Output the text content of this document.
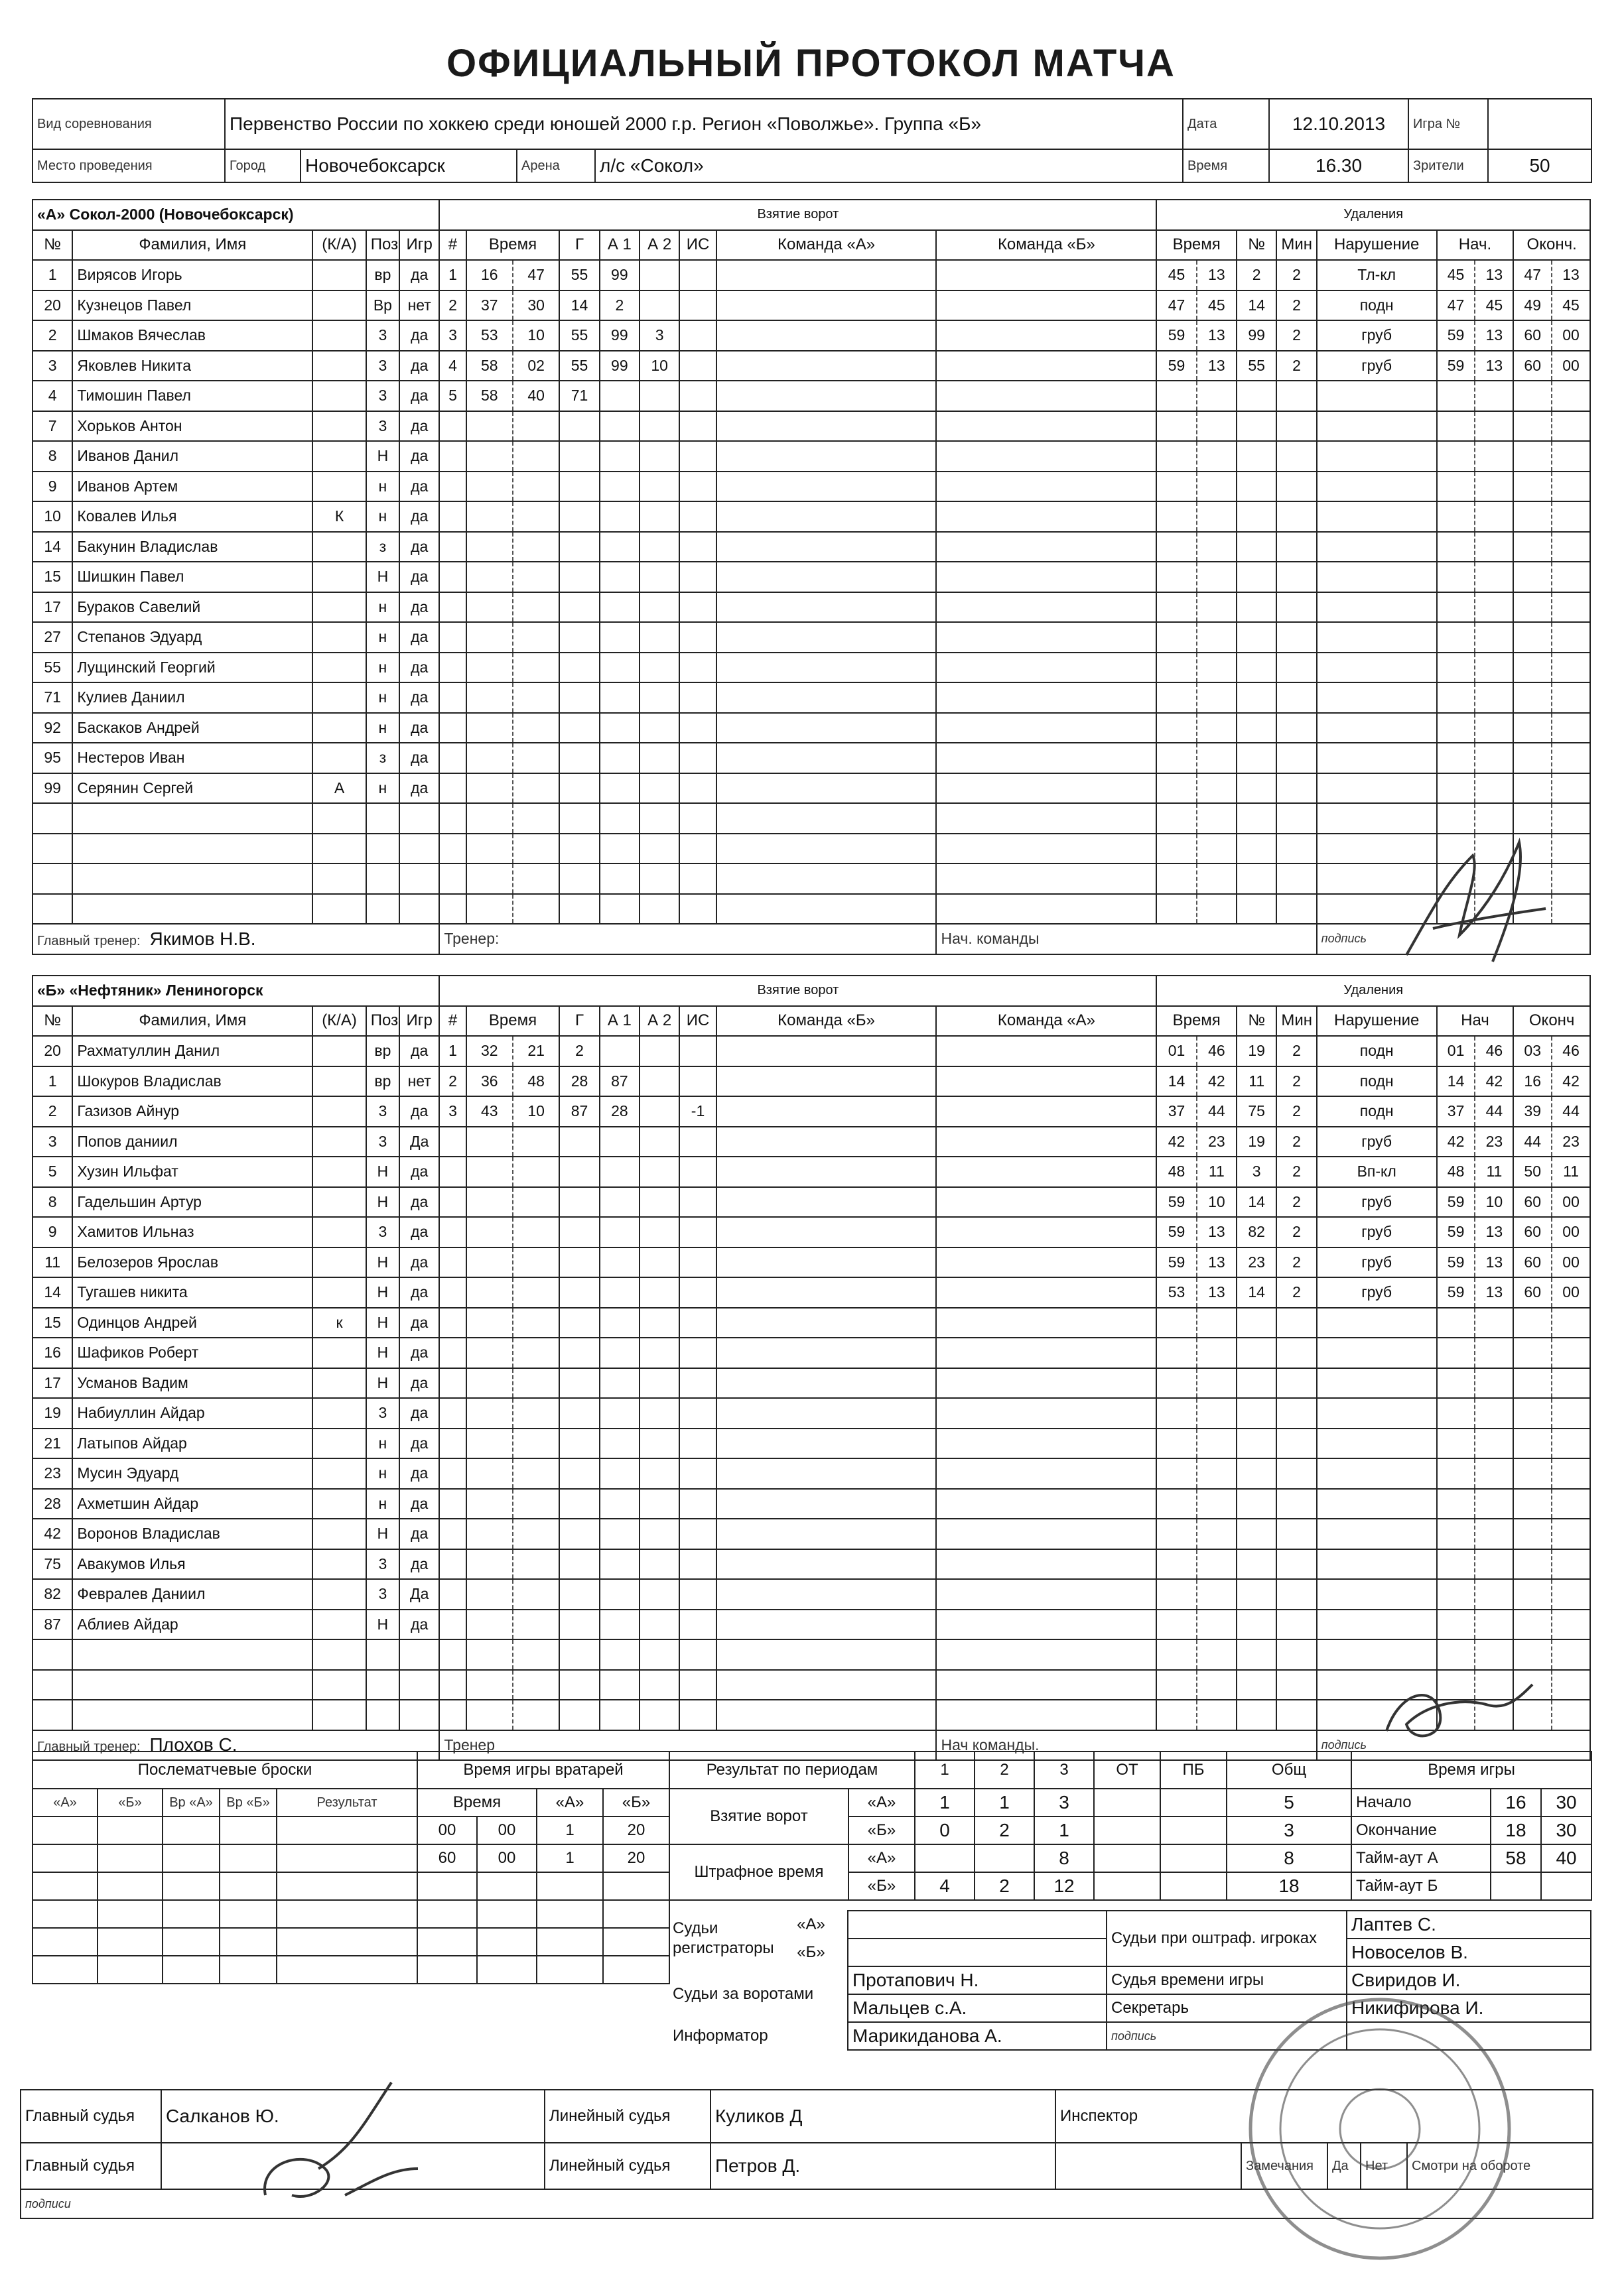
ОФИЦИАЛЬНЫЙ ПРОТОКОЛ МАТЧА
Вид соревнования	Первенство России по хоккею среди юношей 2000 г.р. Регион «Поволжье». Группа «Б»				Дата	12.10.2013	Игра №	
Место проведения	Город	Новочебоксарск	Арена	л/с «Сокол»	Время	16.30	Зрители	50
«А» Сокол-2000 (Новочебоксарск)					Взятие ворот								Удаления					
№	Фамилия, Имя	(К/А)	Поз	Игр	#	Время	Г	А 1	А 2	ИС	Команда «А»	Команда «Б»	Время	№	Мин	Нарушение	Нач.	Оконч.
1	Вирясов Игорь		вр	да	1	16 47	55	99					45 13	2	2	Тл-кл	45 13	47 13

20	Кузнецов Павел		Вр	нет	2	37 30	14	2					47 45	14	2	подн	47 45	49 45

2	Шмаков Вячеслав		3	да	3	53 10	55	99	3				59 13	99	2	груб	59 13	60 00

3	Яковлев Никита		3	да	4	58 02	55	99	10				59 13	55	2	груб	59 13	60 00

4	Тимошин Павел		3	да	5	58 40	71						

7	Хорьков Антон		3	да		

8	Иванов Данил		Н	да		

9	Иванов Артем		н	да		

10	Ковалев Илья	К	н	да		

14	Бакунин Владислав		з	да		

15	Шишкин Павел		Н	да		

17	Бураков Савелий		н	да		

27	Степанов Эдуард		н	да		

55	Лущинский Георгий		н	да		

71	Кулиев Даниил		н	да		

92	Баскаков Андрей		н	да		

95	Нестеров Иван		з	да		

99	Серянин Сергей	А	н	да		

Главный тренер: Якимов Н.В.					Тренер:							Нач. команды				подпись		
«Б» «Нефтяник» Лениногорск					Взятие ворот								Удаления					
№	Фамилия, Имя	(К/А)	Поз	Игр	#	Время	Г	А 1	А 2	ИС	Команда «Б»	Команда «А»	Время	№	Мин	Нарушение	Нач	Оконч
20	Рахматуллин Данил		вр	да	1	32 21	2						01 46	19	2	подн	01 46	03 46

1	Шокуров Владислав		вр	нет	2	36 48	28	87					14 42	11	2	подн	14 42	16 42

2	Газизов Айнур		3	да	3	43 10	87	28		-1			37 44	75	2	подн	37 44	39 44

3	Попов даниил		3	Да									42 23	19	2	груб	42 23	44 23

5	Хузин Ильфат		Н	да									48 11	3	2	Вп-кл	48 11	50 11

8	Гадельшин Артур		Н	да									59 10	14	2	груб	59 10	60 00

9	Хамитов Ильназ		3	да									59 13	82	2	груб	59 13	60 00

11	Белозеров Ярослав		Н	да									59 13	23	2	груб	59 13	60 00

14	Тугашев никита		Н	да									53 13	14	2	груб	59 13	60 00

15	Одинцов Андрей	к	Н	да		

16	Шафиков Роберт		Н	да		

17	Усманов Вадим		Н	да		

19	Набиуллин Айдар		3	да		

21	Латыпов Айдар		н	да		

23	Мусин Эдуард		н	да		

28	Ахметшин Айдар		н	да		

42	Воронов Владислав		Н	да		

75	Авакумов Илья		3	да		

82	Февралев Даниил		3	Да		

87	Аблиев Айдар		Н	да		

Главный тренер: Плохов С.					Тренер							Нач команды.				подпись		
Послематчевые броски				
«А»	«Б»	Вр «А»	Вр «Б»	Результат

Время игры вратарей			
Время		«А»	«Б»
00	00	1	20
60	00	1	20

Результат по периодам		1	2	3	ОТ	ПБ	Общ
Взятие ворот	«А»	1	1	3			5
	«Б»	0	2	1			3
Штрафное время	«А»			8			8
	«Б»	4	2	12			18
Время игры		
Начало	16	30
Окончание	18	30
Тайм-аут А	58	40
Тайм-аут Б		
Судьи регистраторы	«А»		Судьи при оштраф. игроках	Лаптев С.
	«Б»			Новоселов В.
Судьи за воротами		Протапович Н.	Судья времени игры	Свиридов И.
		Мальцев с.А.	Секретарь	Никифирова И.
Информатор		Марикиданова А.	подпись	
Главный судья	Салканов Ю.	Линейный судья	Куликов Д	Инспектор				
Главный судья		Линейный судья	Петров Д.		Замечания	Да	Нет	Смотри на обороте
подписи								
